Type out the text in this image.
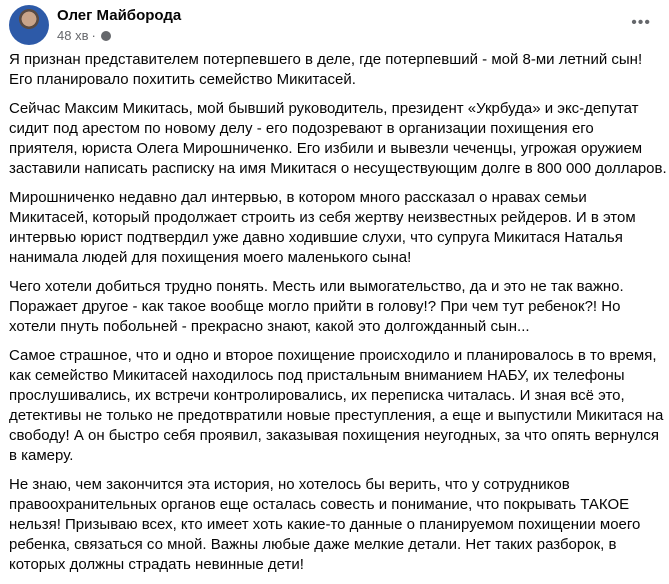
Олег Майборода
48 хв ·
•••
Я признан представителем потерпевшего в деле, где потерпевший - мой 8-ми летний сын!
Его планировало похитить семейство Микитасей.
Сейчас Максим Микитась, мой бывший руководитель, президент «Укрбуда» и экс-депутат
сидит под арестом по новому делу - его подозревают в организации похищения его
приятеля, юриста Олега Мирошниченко. Его избили и вывезли чеченцы, угрожая оружием
заставили написать расписку на имя Микитася о несуществующим долге в 800 000 долларов.
Мирошниченко недавно дал интервью, в котором много рассказал о нравах семьи
Микитасей, который продолжает строить из себя жертву неизвестных рейдеров. И в этом
интервью юрист подтвердил уже давно ходившие слухи, что супруга Микитася Наталья
нанимала людей для похищения моего маленького сына!
Чего хотели добиться трудно понять. Месть или вымогательство, да и это не так важно.
Поражает другое - как такое вообще могло прийти в голову!? При чем тут ребенок?! Но
хотели пнуть побольней - прекрасно знают, какой это долгожданный сын...
Самое страшное, что и одно и второе похищение происходило и планировалось в то время,
как семейство Микитасей находилось под пристальным вниманием НАБУ, их телефоны
прослушивались, их встречи контролировались, их переписка читалась. И зная всё это,
детективы не только не предотвратили новые преступления, а еще и выпустили Микитася на
свободу! А он быстро себя проявил, заказывая похищения неугодных, за что опять вернулся
в камеру.
Не знаю, чем закончится эта история, но хотелось бы верить, что у сотрудников
правоохранительных органов еще осталась совесть и понимание, что покрывать ТАКОЕ
нельзя! Призываю всех, кто имеет хоть какие-то данные о планируемом похищении моего
ребенка, связаться со мной. Важны любые даже мелкие детали. Нет таких разборок, в
которых должны страдать невинные дети!
